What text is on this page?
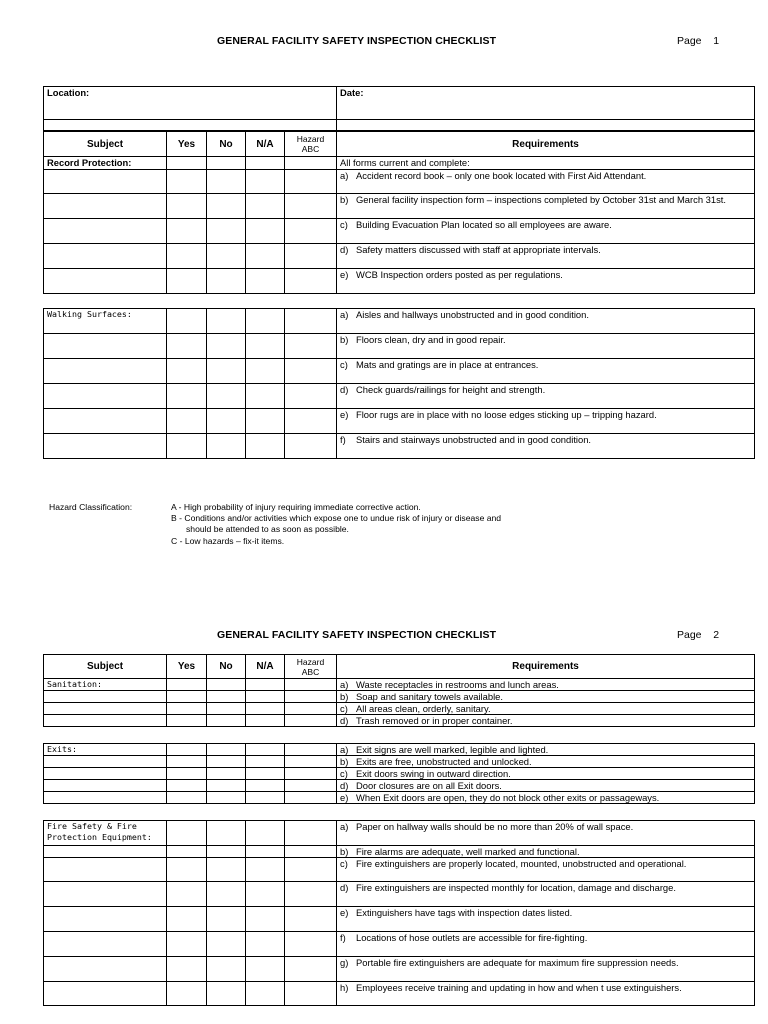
GENERAL FACILITY SAFETY INSPECTION CHECKLIST	Page 1
Location:	Date:

Subject	Yes	No	N/A	Hazard
ABC	Requirements
Record Protection:					All forms current and complete:

					a) Accident record book – only one book located with First Aid Attendant.

					b) General facility inspection form – inspections completed by October 31st and March 31st.

					c) Building Evacuation Plan located so all employees are aware.

					d) Safety matters discussed with staff at appropriate intervals.

					e) WCB Inspection orders posted as per regulations.
Walking Surfaces:					a) Aisles and hallways unobstructed and in good condition.

					b) Floors clean, dry and in good repair.

					c) Mats and gratings are in place at entrances.

					d) Check guards/railings for height and strength.

					e) Floor rugs are in place with no loose edges sticking up – tripping hazard.

					f) Stairs and stairways unobstructed and in good condition.
Hazard Classification:	A - High probability of injury requiring immediate corrective action.
B - Conditions and/or activities which expose one to undue risk of injury or disease and
should be attended to as soon as possible.
C - Low hazards – fix-it items.
GENERAL FACILITY SAFETY INSPECTION CHECKLIST	Page 2
Subject	Yes	No	N/A	Hazard
ABC	Requirements
Sanitation:					a) Waste receptacles in restrooms and lunch areas.

					b) Soap and sanitary towels available.

					c) All areas clean, orderly, sanitary.

					d) Trash removed or in proper container.
Exits:					a) Exit signs are well marked, legible and lighted.

					b) Exits are free, unobstructed and unlocked.

					c) Exit doors swing in outward direction.

					d) Door closures are on all Exit doors.

					e) When Exit doors are open, they do not block other exits or passageways.
Fire Safety & Fire Protection Equipment:					a) Paper on hallway walls should be no more than 20% of wall space.

					b) Fire alarms are adequate, well marked and functional.

					c) Fire extinguishers are properly located, mounted, unobstructed and operational.

					d) Fire extinguishers are inspected monthly for location, damage and discharge.

					e) Extinguishers have tags with inspection dates listed.

					f) Locations of hose outlets are accessible for fire-fighting.

					g) Portable fire extinguishers are adequate for maximum fire suppression needs.

					h) Employees receive training and updating in how and when t use extinguishers.
